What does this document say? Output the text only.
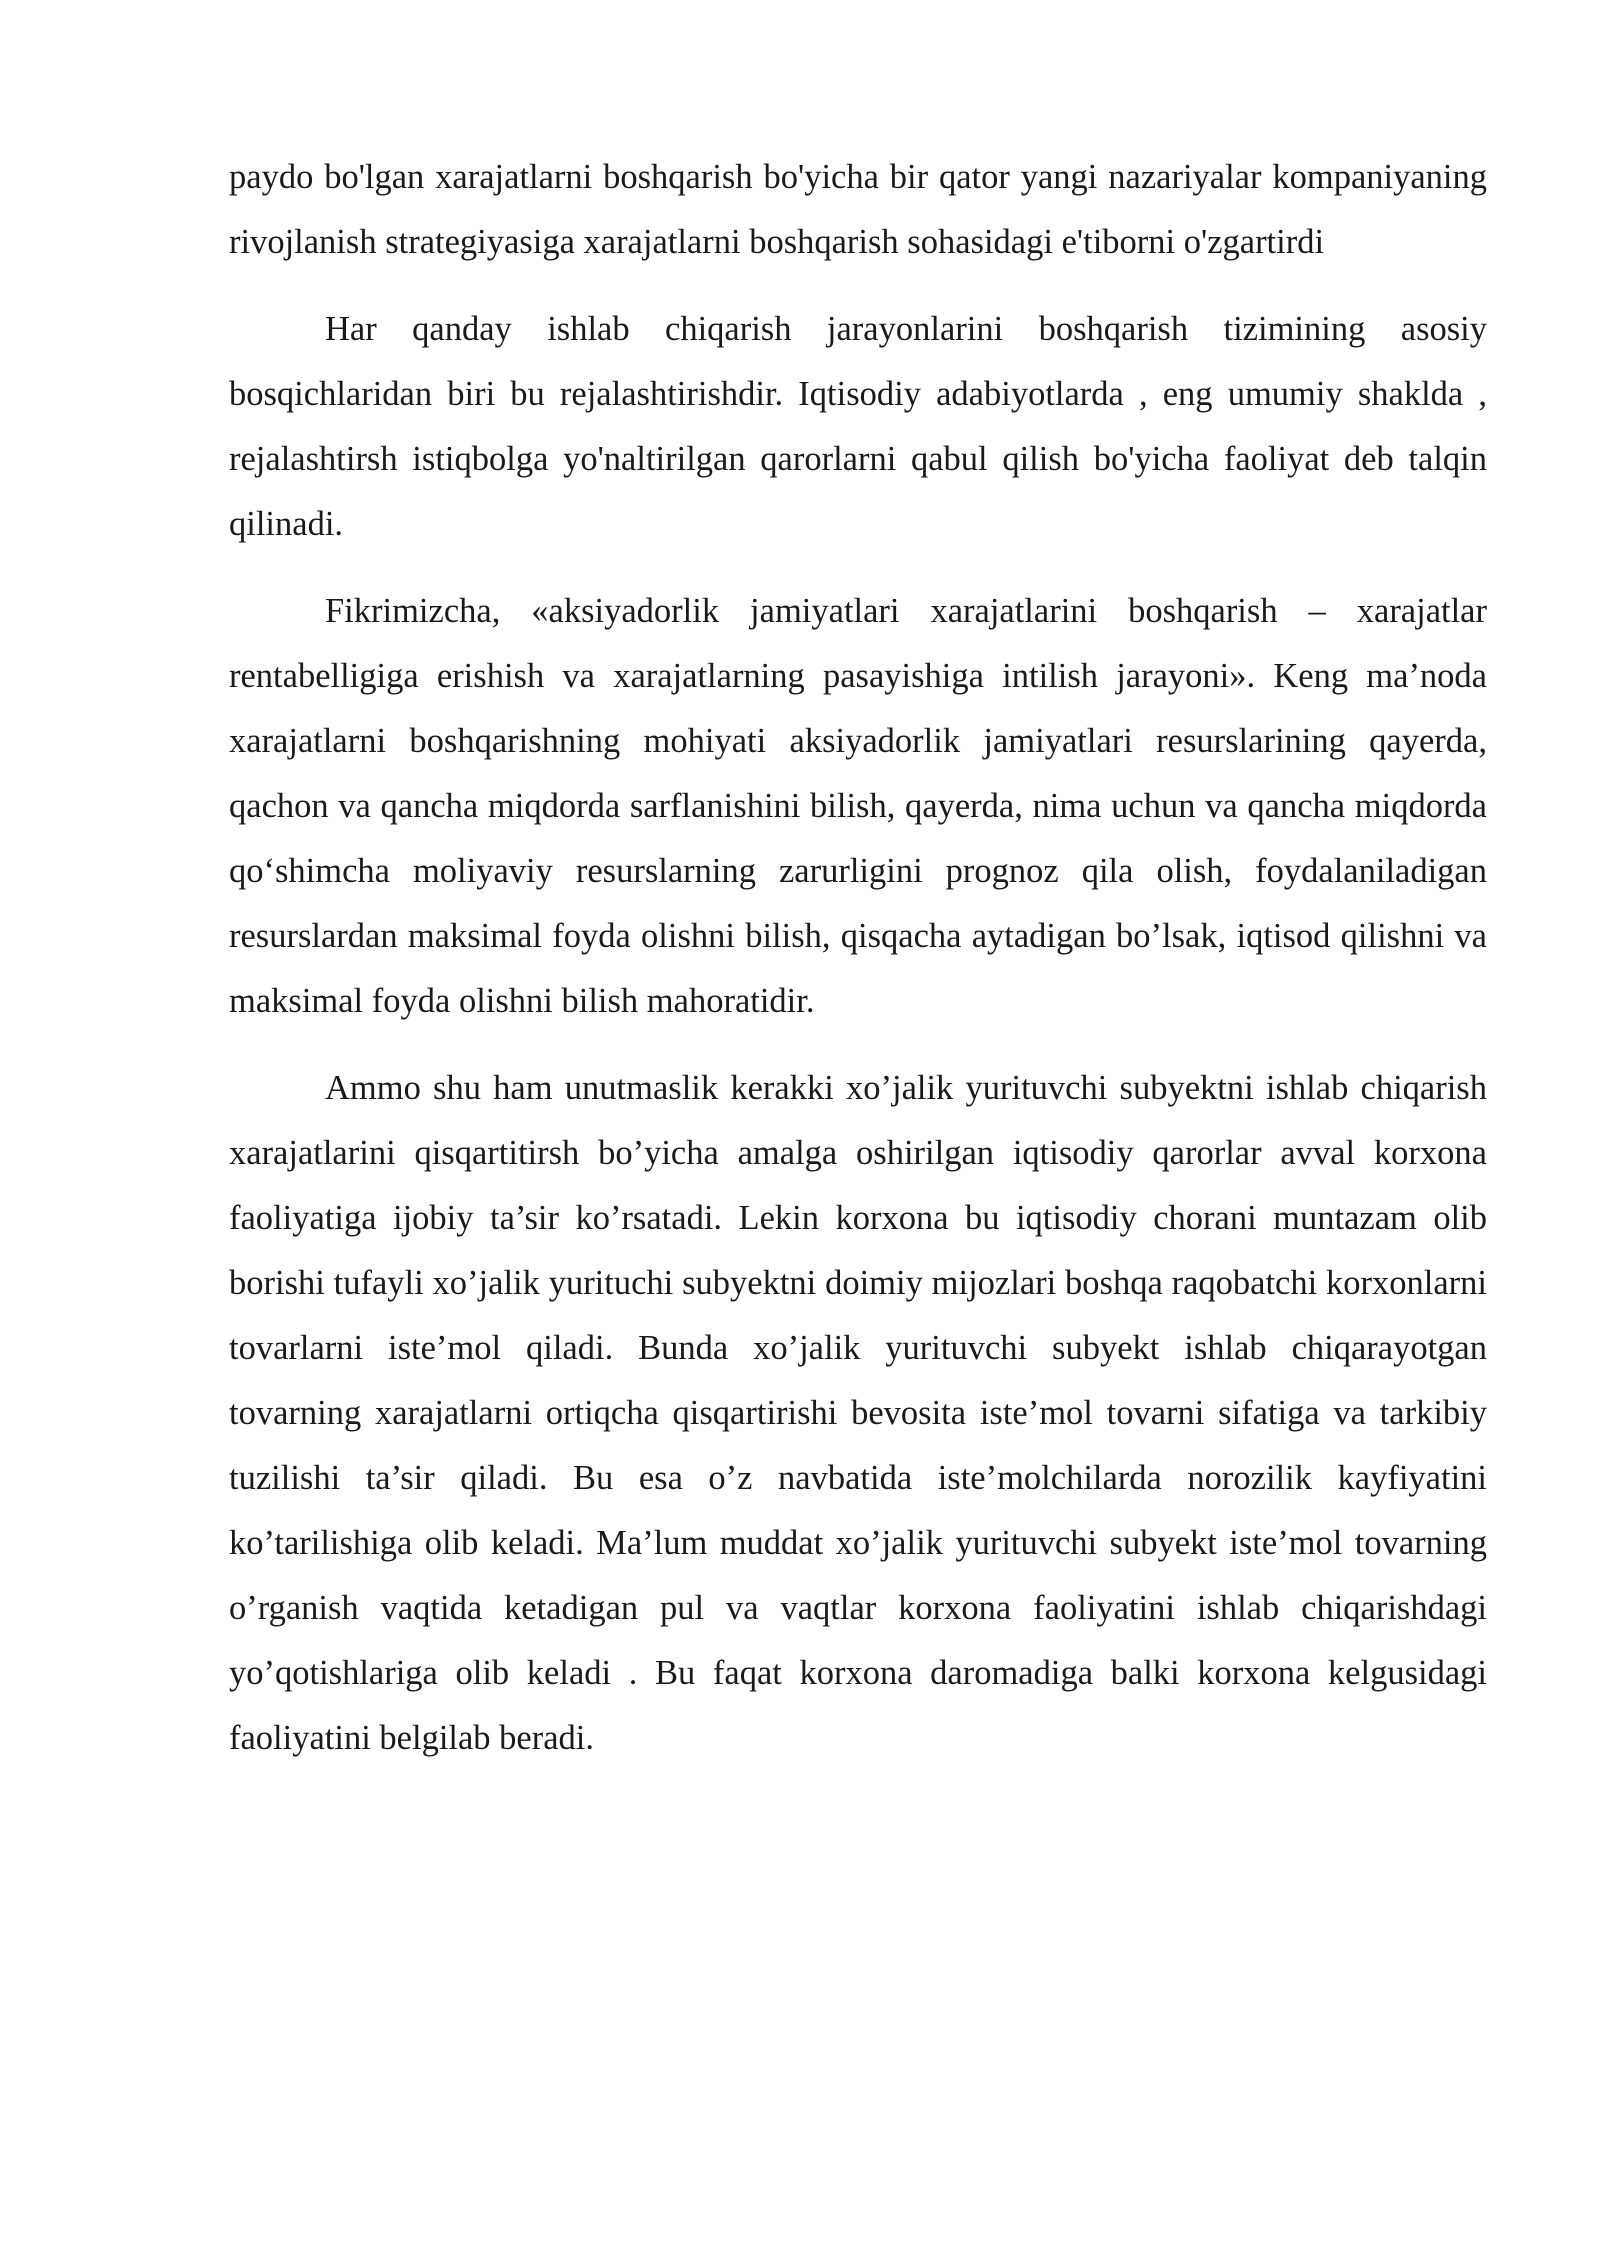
paydo bo'lgan xarajatlarni boshqarish bo'yicha bir qator yangi nazariyalar kompaniyaning rivojlanish strategiyasiga xarajatlarni boshqarish sohasidagi e'tiborni o'zgartirdi

Har qanday ishlab chiqarish jarayonlarini boshqarish tizimining asosiy bosqichlaridan biri bu rejalashtirishdir. Iqtisodiy adabiyotlarda , eng umumiy shaklda , rejalashtirsh istiqbolga yo'naltirilgan qarorlarni qabul qilish bo'yicha faoliyat deb talqin qilinadi.

Fikrimizcha, «aksiyadorlik jamiyatlari xarajatlarini boshqarish – xarajatlar rentabelligiga erishish va xarajatlarning pasayishiga intilish jarayoni». Keng ma’noda xarajatlarni boshqarishning mohiyati aksiyadorlik jamiyatlari resurslarining qayerda, qachon va qancha miqdorda sarflanishini bilish, qayerda, nima uchun va qancha miqdorda qo‘shimcha moliyaviy resurslarning zarurligini prognoz qila olish, foydalaniladigan resurslardan maksimal foyda olishni bilish, qisqacha aytadigan bo’lsak, iqtisod qilishni va maksimal foyda olishni bilish mahoratidir.

Ammo shu ham unutmaslik kerakki xo’jalik yurituvchi subyektni ishlab chiqarish xarajatlarini qisqartitirsh bo’yicha amalga oshirilgan iqtisodiy qarorlar avval korxona faoliyatiga ijobiy ta’sir ko’rsatadi. Lekin korxona bu iqtisodiy chorani muntazam olib borishi tufayli xo’jalik yurituchi subyektni doimiy mijozlari boshqa raqobatchi korxonlarni tovarlarni iste’mol qiladi. Bunda xo’jalik yurituvchi subyekt ishlab chiqarayotgan tovarning xarajatlarni ortiqcha qisqartirishi bevosita iste’mol tovarni sifatiga va tarkibiy tuzilishi ta’sir qiladi. Bu esa o’z navbatida iste’molchilarda norozilik kayfiyatini ko’tarilishiga olib keladi. Ma’lum muddat xo’jalik yurituvchi subyekt iste’mol tovarning o’rganish vaqtida ketadigan pul va vaqtlar korxona faoliyatini ishlab chiqarishdagi yo’qotishlariga olib keladi . Bu faqat korxona daromadiga balki korxona kelgusidagi faoliyatini belgilab beradi.
